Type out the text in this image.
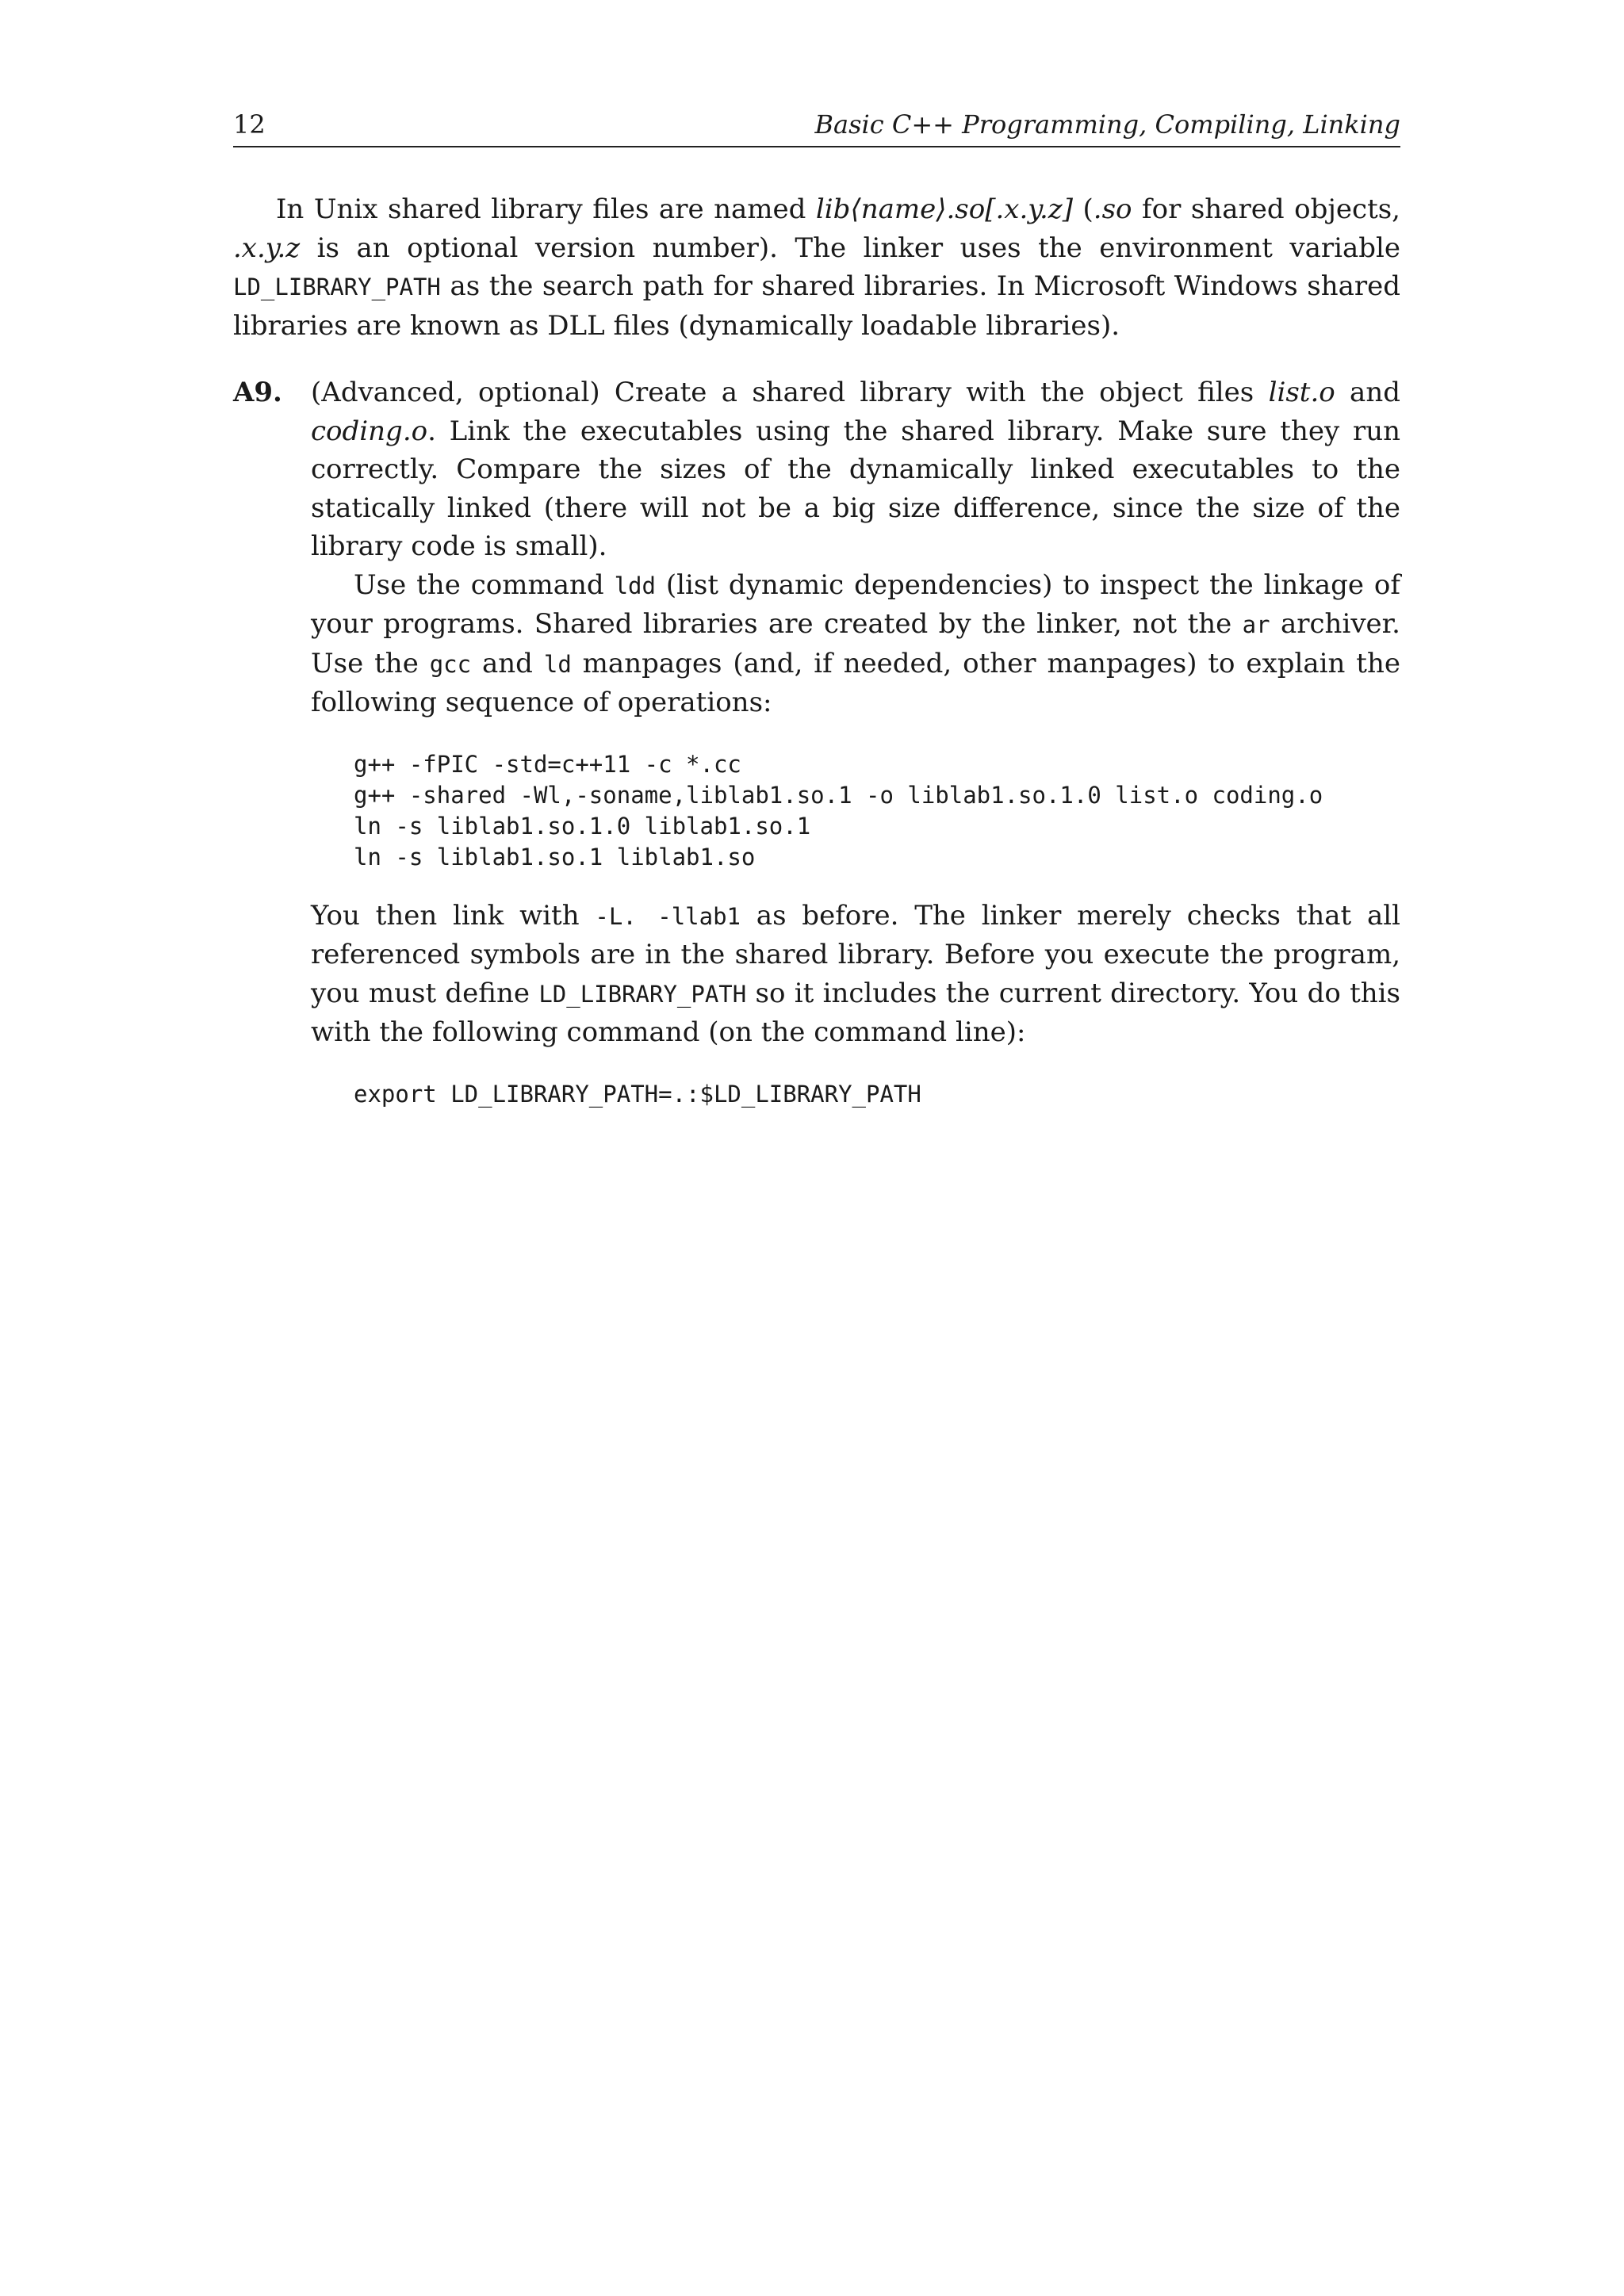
12	Basic C++ Programming, Compiling, Linking

In Unix shared library files are named lib⟨name⟩.so[.x.y.z] (.so for shared objects, .x.y.z is an optional version number). The linker uses the environment variable LD_LIBRARY_PATH as the search path for shared libraries. In Microsoft Windows shared libraries are known as DLL files (dynamically loadable libraries).

A9.	(Advanced, optional) Create a shared library with the object files list.o and coding.o. Link the executables using the shared library. Make sure they run correctly. Compare the sizes of the dynamically linked executables to the statically linked (there will not be a big size difference, since the size of the library code is small).

Use the command ldd (list dynamic dependencies) to inspect the linkage of your programs. Shared libraries are created by the linker, not the ar archiver. Use the gcc and ld manpages (and, if needed, other manpages) to explain the following sequence of operations:

g++ -fPIC -std=c++11 -c *.cc
g++ -shared -Wl,-soname,liblab1.so.1 -o liblab1.so.1.0 list.o coding.o
ln -s liblab1.so.1.0 liblab1.so.1
ln -s liblab1.so.1 liblab1.so

You then link with -L. -llab1 as before. The linker merely checks that all referenced symbols are in the shared library. Before you execute the program, you must define LD_LIBRARY_PATH so it includes the current directory. You do this with the following command (on the command line):

export LD_LIBRARY_PATH=.:$LD_LIBRARY_PATH
